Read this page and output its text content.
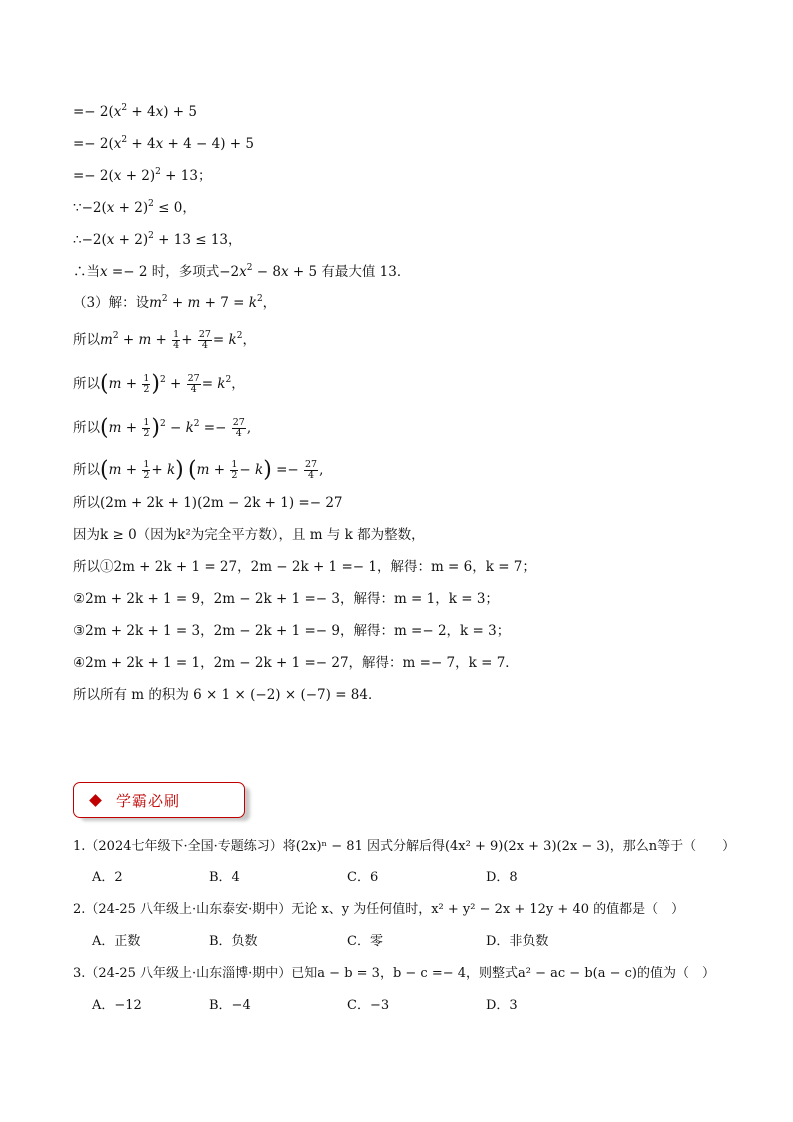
=− $2(x^2 + 4x) + 5$
=− $2(x^2 + 4x + 4 - 4) + 5$
=− $2(x + 2)^2 + 13$；
∵−2(x + 2)$^2$ ≤ 0，
∴−2(x + 2)$^2$ + 13 ≤ 13，
∴当x =− 2 时，多项式$-2x^2 - 8x + 5$ 有最大值 13．
（3）解：设$m^2 + m + 7 = k^2$，
所以$m^2 + m + \frac{1}{4} + \frac{27}{4} = k^2$，
所以$(m + \frac{1}{2} )^2 + \frac{27}{4} = k^2$，
所以$(m + \frac{1}{2} )^2 - k^2 =- \frac{27}{4}$ ,
所以$(m + \frac{1}{2} + k)$ $(m + \frac{1}{2} - k) =- \frac{27}{4}$ ,
所以(2m + 2k + 1)(2m − 2k + 1) =− 27
因为k ≥ 0（因为k²为完全平方数），且 m 与 k 都为整数，
所以①2m + 2k + 1 = 27，2m − 2k + 1 =− 1，解得：m = 6，k = 7；
②2m + 2k + 1 = 9，2m − 2k + 1 =− 3，解得：m = 1，k = 3；
③2m + 2k + 1 = 3，2m − 2k + 1 =− 9，解得：m =− 2，k = 3；
④2m + 2k + 1 = 1，2m − 2k + 1 =− 27，解得：m =− 7，k = 7．
所以所有 m 的积为 6 × 1 × (−2) × (−7) = 84．
学霸必刷
1.（2024七年级下·全国·专题练习）将(2x)ⁿ − 81 因式分解后得(4x² + 9)(2x + 3)(2x − 3)，那么n等于（　　）
A．2	B．4	C．6	D．8
2.（24-25 八年级上·山东泰安·期中）无论 x、y 为任何值时，x² + y² − 2x + 12y + 40 的值都是（　）
A．正数	B．负数	C．零	D．非负数
3.（24-25 八年级上·山东淄博·期中）已知a − b = 3，b − c =− 4，则整式a² − ac − b(a − c)的值为（　）
A．−12	B．−4	C．−3	D．3
